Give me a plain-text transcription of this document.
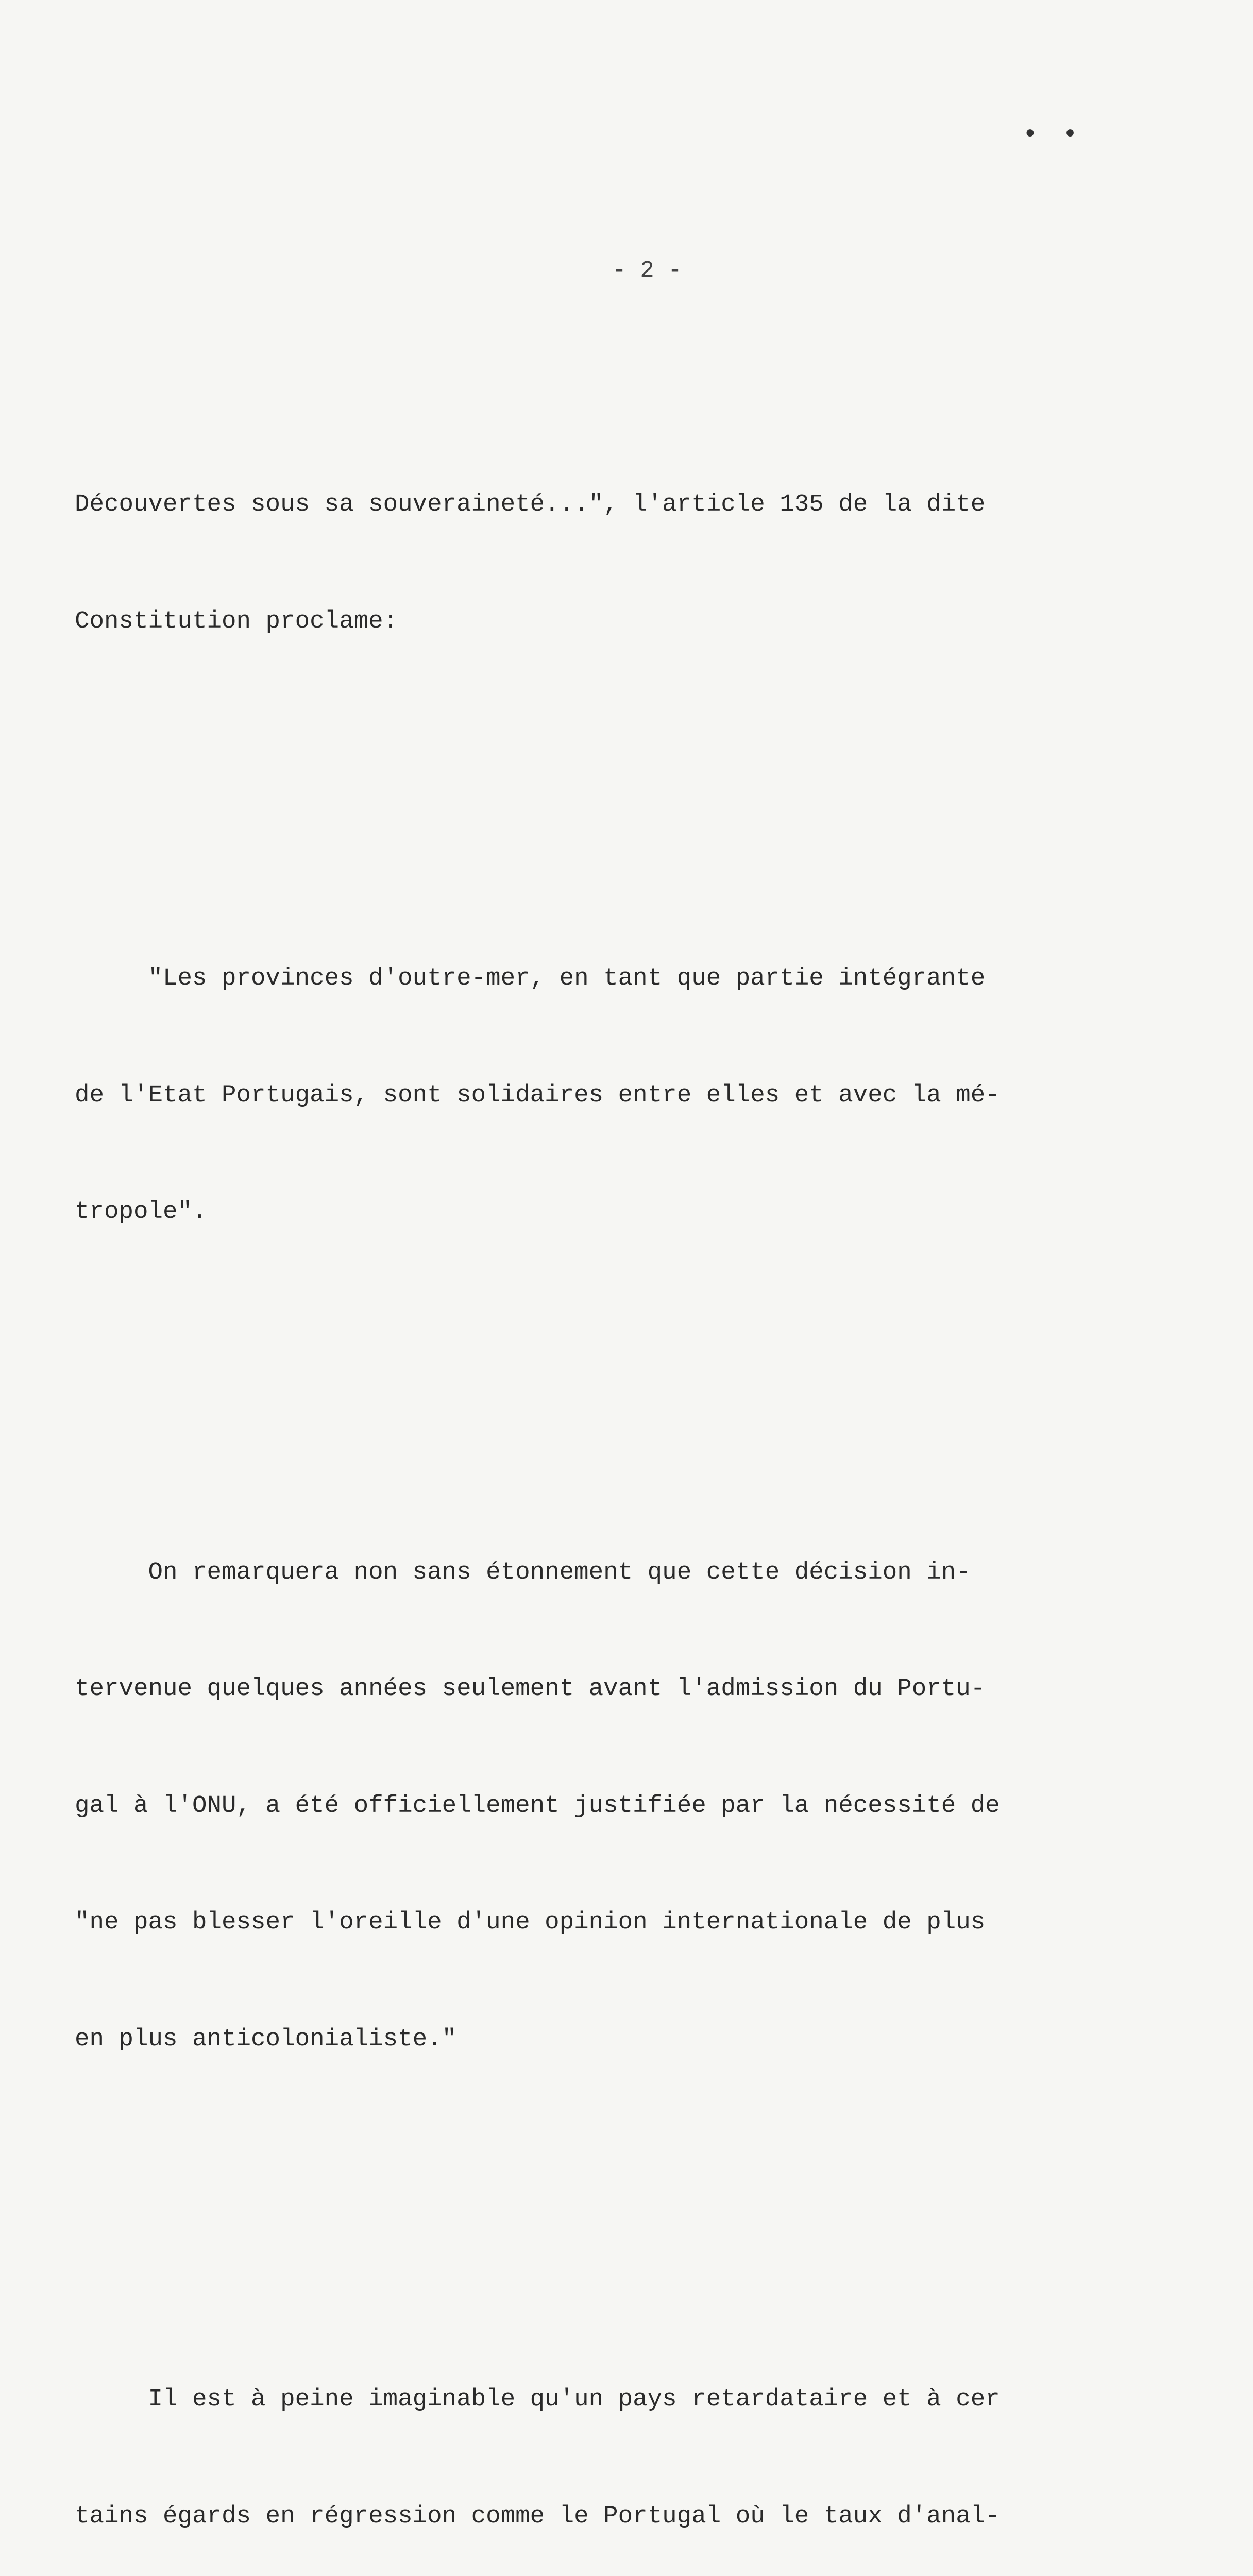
• •
- 2 -

Découvertes sous sa souveraineté...", l'article 135 de la dite

Constitution proclame:

"Les provinces d'outre-mer, en tant que partie intégrante

de l'Etat Portugais, sont solidaires entre elles et avec la mé-

tropole".

On remarquera non sans étonnement que cette décision in-

tervenue quelques années seulement avant l'admission du Portu-

gal à l'ONU, a été officiellement justifiée par la nécessité de

"ne pas blesser l'oreille d'une opinion internationale de plus

en plus anticolonialiste."

Il est à peine imaginable qu'un pays retardataire et à cer

tains égards en régression comme le Portugal où le taux d'anal-
